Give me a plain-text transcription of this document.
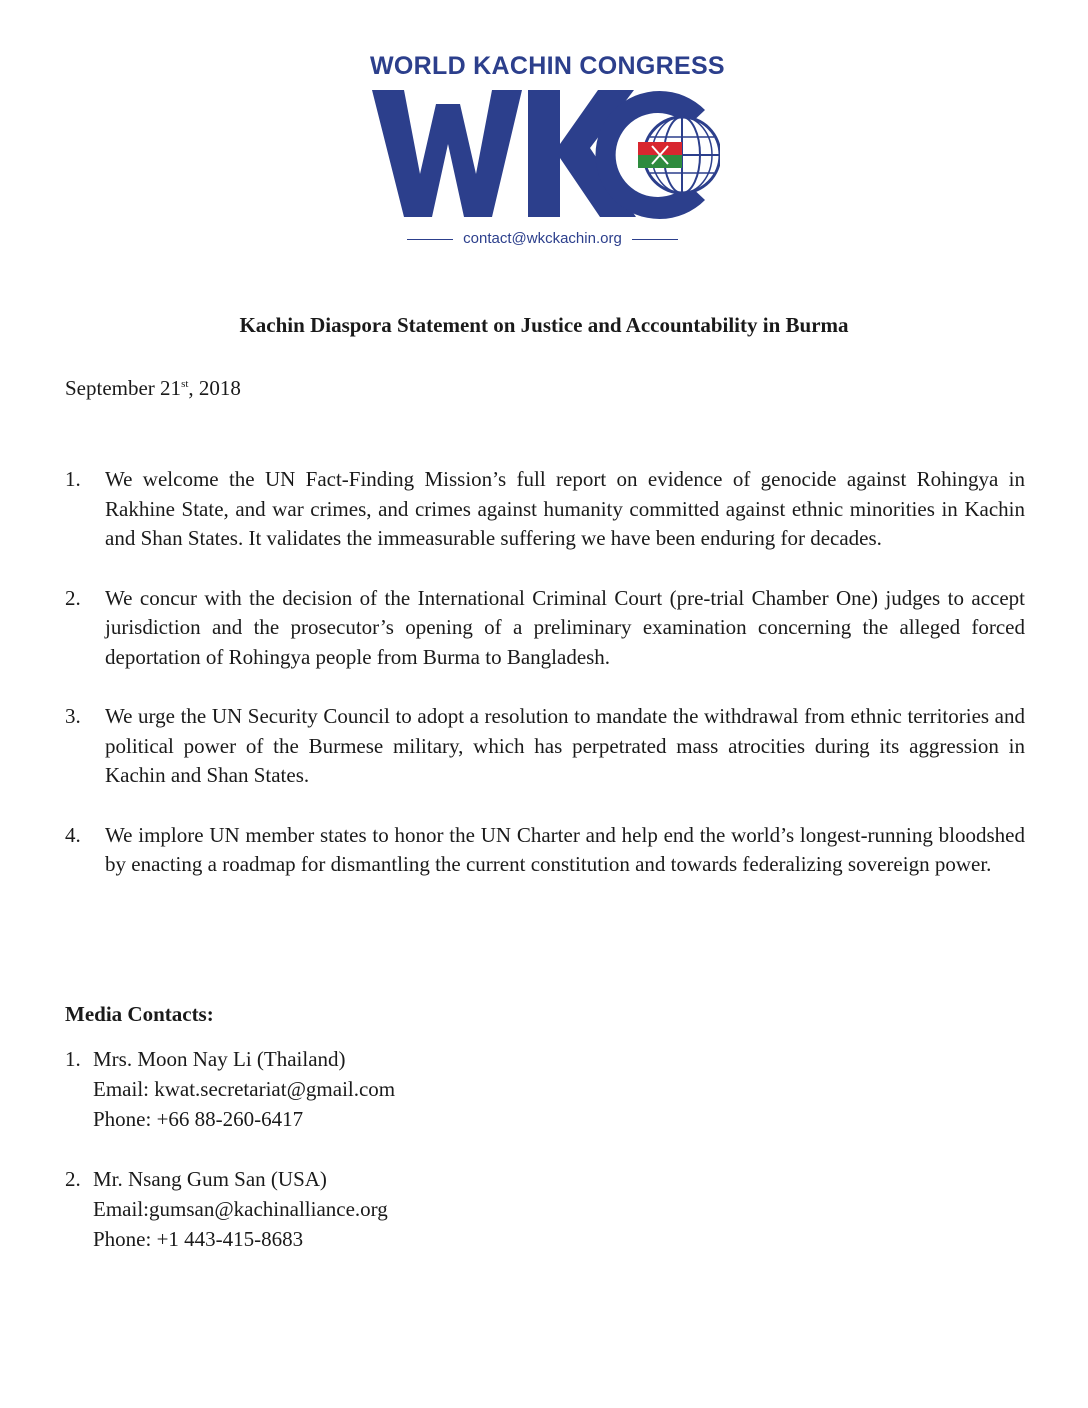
WORLD KACHIN CONGRESS
contact@wkckachin.org
Kachin Diaspora Statement on Justice and Accountability in Burma
September 21st, 2018
1. We welcome the UN Fact-Finding Mission’s full report on evidence of genocide against Rohingya in Rakhine State, and war crimes, and crimes against humanity committed against ethnic minorities in Kachin and Shan States. It validates the immeasurable suffering we have been enduring for decades.
2. We concur with the decision of the International Criminal Court (pre-trial Chamber One) judges to accept jurisdiction and the prosecutor’s opening of a preliminary examination concerning the alleged forced deportation of Rohingya people from Burma to Bangladesh.
3. We urge the UN Security Council to adopt a resolution to mandate the withdrawal from ethnic territories and political power of the Burmese military, which has perpetrated mass atrocities during its aggression in Kachin and Shan States.
4. We implore UN member states to honor the UN Charter and help end the world’s longest-running bloodshed by enacting a roadmap for dismantling the current constitution and towards federalizing sovereign power.
Media Contacts:
1. Mrs. Moon Nay Li (Thailand)
Email: kwat.secretariat@gmail.com
Phone: +66 88-260-6417
2. Mr. Nsang Gum San (USA)
Email:gumsan@kachinalliance.org
Phone: +1 443-415-8683
